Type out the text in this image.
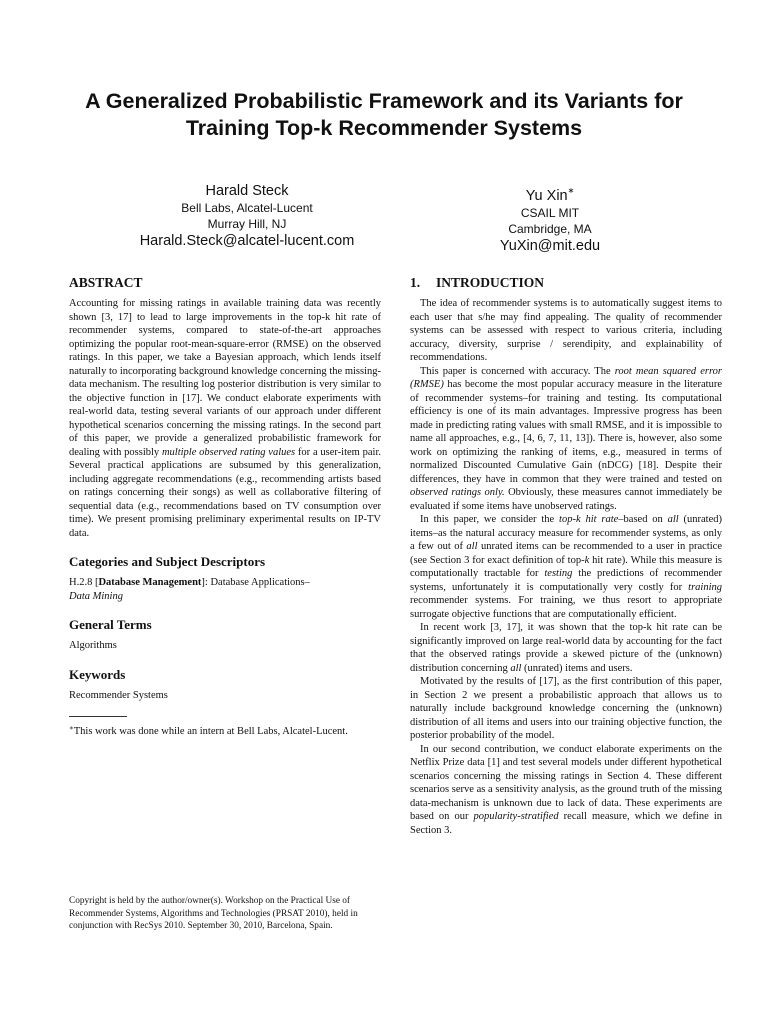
A Generalized Probabilistic Framework and its Variants for
Training Top-k Recommender Systems
Harald Steck
Bell Labs, Alcatel-Lucent
Murray Hill, NJ
Harald.Steck@alcatel-lucent.com
Yu Xin∗
CSAIL MIT
Cambridge, MA
YuXin@mit.edu
ABSTRACT

Accounting for missing ratings in available training data was recently shown [3, 17] to lead to large improvements in the top-k hit rate of recommender systems, compared to state-of-the-art approaches optimizing the popular root-mean-square-error (RMSE) on the observed ratings. In this paper, we take a Bayesian approach, which lends itself naturally to incorporating background knowledge concerning the missing-data mechanism. The resulting log posterior distribution is very similar to the objective function in [17]. We conduct elaborate experiments with real-world data, testing several variants of our approach under different hypothetical scenarios concerning the missing ratings. In the second part of this paper, we provide a generalized probabilistic framework for dealing with possibly multiple observed rating values for a user-item pair. Several practical applications are subsumed by this generalization, including aggregate recommendations (e.g., recommending artists based on ratings concerning their songs) as well as collaborative filtering of sequential data (e.g., recommendations based on TV consumption over time). We present promising preliminary experimental results on IP-TV data.

Categories and Subject Descriptors

H.2.8 [Database Management]: Database Applications–
Data Mining

General Terms

Algorithms

Keywords

Recommender Systems

∗This work was done while an intern at Bell Labs, Alcatel-Lucent.

Copyright is held by the author/owner(s). Workshop on the Practical Use of Recommender Systems, Algorithms and Technologies (PRSAT 2010), held in conjunction with RecSys 2010. September 30, 2010, Barcelona, Spain.
1. INTRODUCTION

The idea of recommender systems is to automatically suggest items to each user that s/he may find appealing. The quality of recommender systems can be assessed with respect to various criteria, including accuracy, diversity, surprise / serendipity, and explainability of recommendations.

This paper is concerned with accuracy. The root mean squared error (RMSE) has become the most popular accuracy measure in the literature of recommender systems–for training and testing. Its computational efficiency is one of its main advantages. Impressive progress has been made in predicting rating values with small RMSE, and it is impossible to name all approaches, e.g., [4, 6, 7, 11, 13]). There is, however, also some work on optimizing the ranking of items, e.g., measured in terms of normalized Discounted Cumulative Gain (nDCG) [18]. Despite their differences, they have in common that they were trained and tested on observed ratings only. Obviously, these measures cannot immediately be evaluated if some items have unobserved ratings.

In this paper, we consider the top-k hit rate–based on all (unrated) items–as the natural accuracy measure for recommender systems, as only a few out of all unrated items can be recommended to a user in practice (see Section 3 for exact definition of top-k hit rate). While this measure is computationally tractable for testing the predictions of recommender systems, unfortunately it is computationally very costly for training recommender systems. For training, we thus resort to appropriate surrogate objective functions that are computationally efficient.

In recent work [3, 17], it was shown that the top-k hit rate can be significantly improved on large real-world data by accounting for the fact that the observed ratings provide a skewed picture of the (unknown) distribution concerning all (unrated) items and users.

Motivated by the results of [17], as the first contribution of this paper, in Section 2 we present a probabilistic approach that allows us to naturally include background knowledge concerning the (unknown) distribution of all items and users into our training objective function, the posterior probability of the model.

In our second contribution, we conduct elaborate experiments on the Netflix Prize data [1] and test several models under different hypothetical scenarios concerning the missing ratings in Section 4. These different scenarios serve as a sensitivity analysis, as the ground truth of the missing data-mechanism is unknown due to lack of data. These experiments are based on our popularity-stratified recall measure, which we define in Section 3.
